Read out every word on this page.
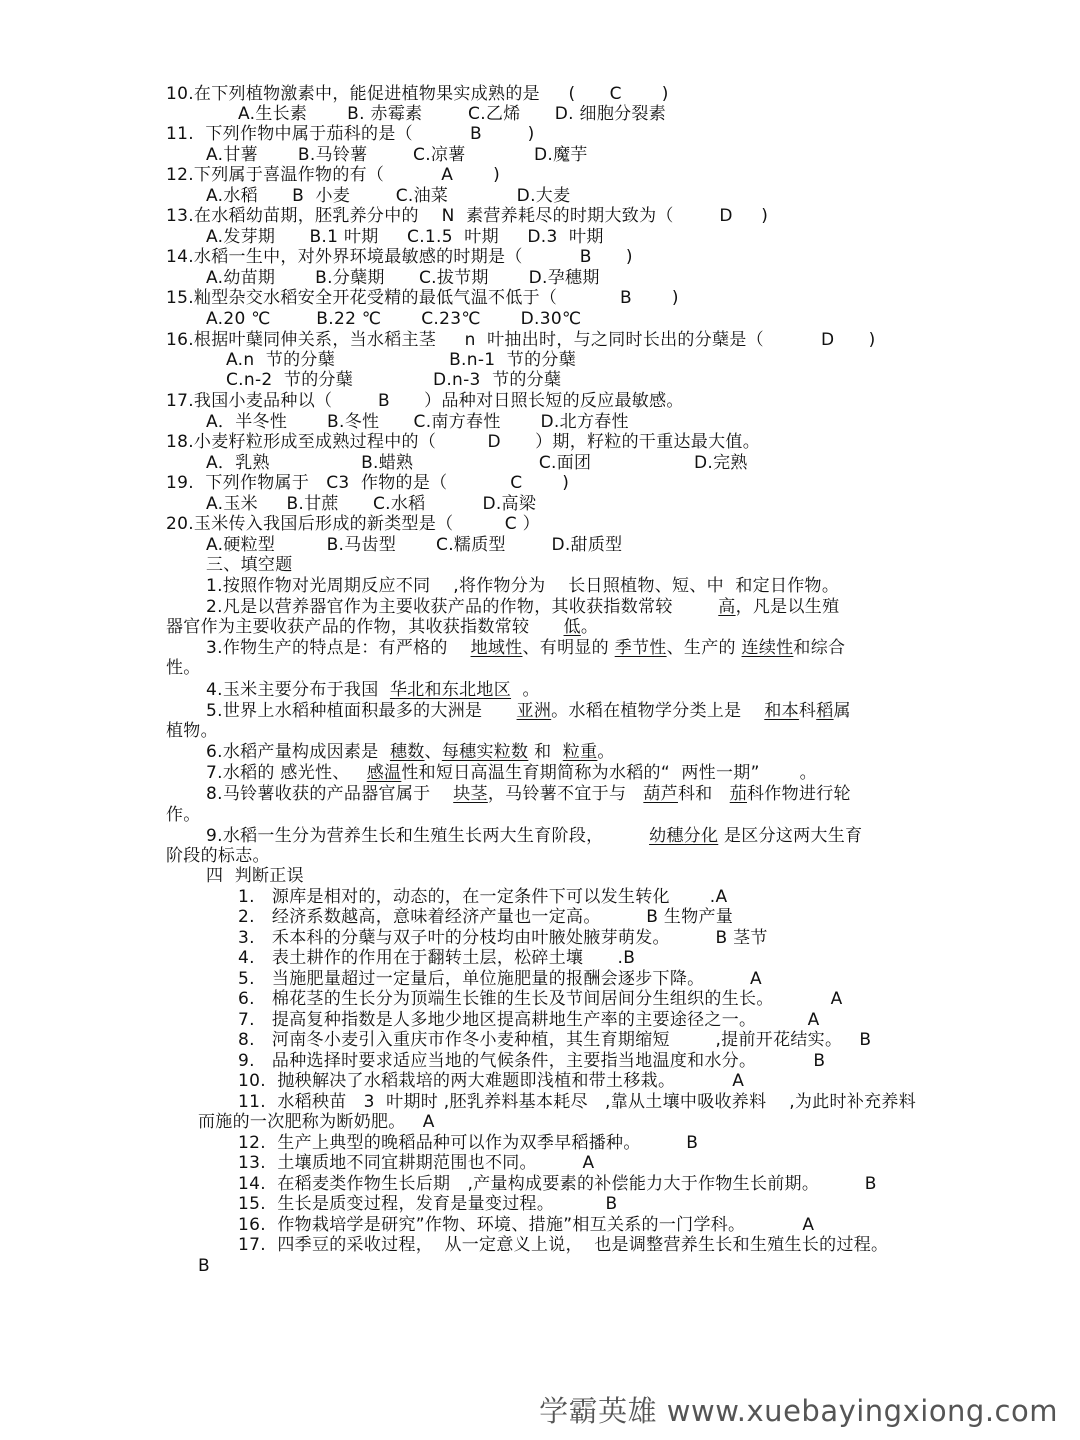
10.在下列植物激素中，能促进植物果实成熟的是 (      C       )
A.生长素       B. 赤霉素        C.乙烯      D. 细胞分裂素
11.  下列作物中属于茄科的是（	B        )
A.甘薯       B.马铃薯        C.凉薯            D.魔芋
12.下列属于喜温作物的有（	A       )
A.水稻      B  小麦        C.油菜            D.大麦
13.在水稻幼苗期，胚乳养分中的    N  素营养耗尽的时期大致为（	D     )
A.发芽期      B.1 叶期     C.1.5  叶期     D.3  叶期
14.水稻一生中，对外界环境最敏感的时期是（	B      )
A.幼苗期       B.分蘖期      C.拔节期       D.孕穗期
15.籼型杂交水稻安全开花受精的最低气温不低于（	B       )
A.20 ℃        B.22 ℃       C.23℃       D.30℃
16.根据叶蘖同伸关系，当水稻主茎     n  叶抽出时，与之同时长出的分蘖是（	D      )
A.n  节的分蘖                    B.n-1  节的分蘖
C.n-2  节的分蘖              D.n-3  节的分蘖
17.我国小麦品种以（	B      ）品种对日照长短的反应最敏感。
A．半冬性       B.冬性      C.南方春性       D.北方春性
18.小麦籽粒形成至成熟过程中的（	D      ）期，籽粒的干重达最大值。
A．乳熟                B.蜡熟                      C.面团                  D.完熟
19.  下列作物属于   C3  作物的是（	C       )
A.玉米     B.甘蔗      C.水稻          D.高梁
20.玉米传入我国后形成的新类型是（	C ）
A.硬粒型         B.马齿型       C.糯质型        D.甜质型
三、填空题
1.按照作物对光周期反应不同    ,将作物分为    长日照植物、短、中  和定日作物。
2.凡是以营养器官作为主要收获产品的作物，其收获指数常较	高，凡是以生殖
器官作为主要收获产品的作物，其收获指数常较 低。
3.作物生产的特点是：有严格的 地域性、有明显的 季节性、生产的 连续性和综合
性。
4.玉米主要分布于我国  华北和东北地区  。
5.世界上水稻种植面积最多的大洲是 亚洲。水稻在植物学分类上是 和本科稻属
植物。
6.水稻产量构成因素是  穗数、每穗实粒数 和  粒重。
7.水稻的 感光性、   感温性和短日高温生育期简称为水稻的“  两性一期”       。
8.马铃薯收获的产品器官属于    块茎，马铃薯不宜于与   葫芦科和   茄科作物进行轮
作。
9.水稻一生分为营养生长和生殖生长两大生育阶段，        幼穗分化 是区分这两大生育
阶段的标志。
四  判断正误
1.   源库是相对的，动态的，在一定条件下可以发生转化       .A
2.   经济系数越高，意味着经济产量也一定高。        B 生物产量
3.   禾本科的分蘖与双子叶的分枝均由叶腋处腋芽萌发。        B 茎节
4.   表土耕作的作用在于翻转土层，松碎土壤      .B
5.   当施肥量超过一定量后，单位施肥量的报酬会逐步下降。        A
6.   棉花茎的生长分为顶端生长锥的生长及节间居间分生组织的生长。          A
7.   提高复种指数是人多地少地区提高耕地生产率的主要途径之一。         A
8.   河南冬小麦引入重庆市作冬小麦种植，其生育期缩短        ,提前开花结实。   B
9.   品种选择时要求适应当地的气候条件，主要指当地温度和水分。          B
10.  抛秧解决了水稻栽培的两大难题即浅植和带土移栽。          A
11.  水稻秧苗   3  叶期时 ,胚乳养料基本耗尽   ,靠从土壤中吸收养料    ,为此时补充养料
而施的一次肥称为断奶肥。   A
12.  生产上典型的晚稻品种可以作为双季早稻播种。        B
13.  土壤质地不同宜耕期范围也不同。        A
14.  在稻麦类作物生长后期   ,产量构成要素的补偿能力大于作物生长前期。        B
15.  生长是质变过程，发育是量变过程。         B
16.  作物栽培学是研究”作物、环境、措施”相互关系的一门学科。          A
17.  四季豆的采收过程，  从一定意义上说，  也是调整营养生长和生殖生长的过程。
B
学霸英雄 www.xuebayingxiong.com
